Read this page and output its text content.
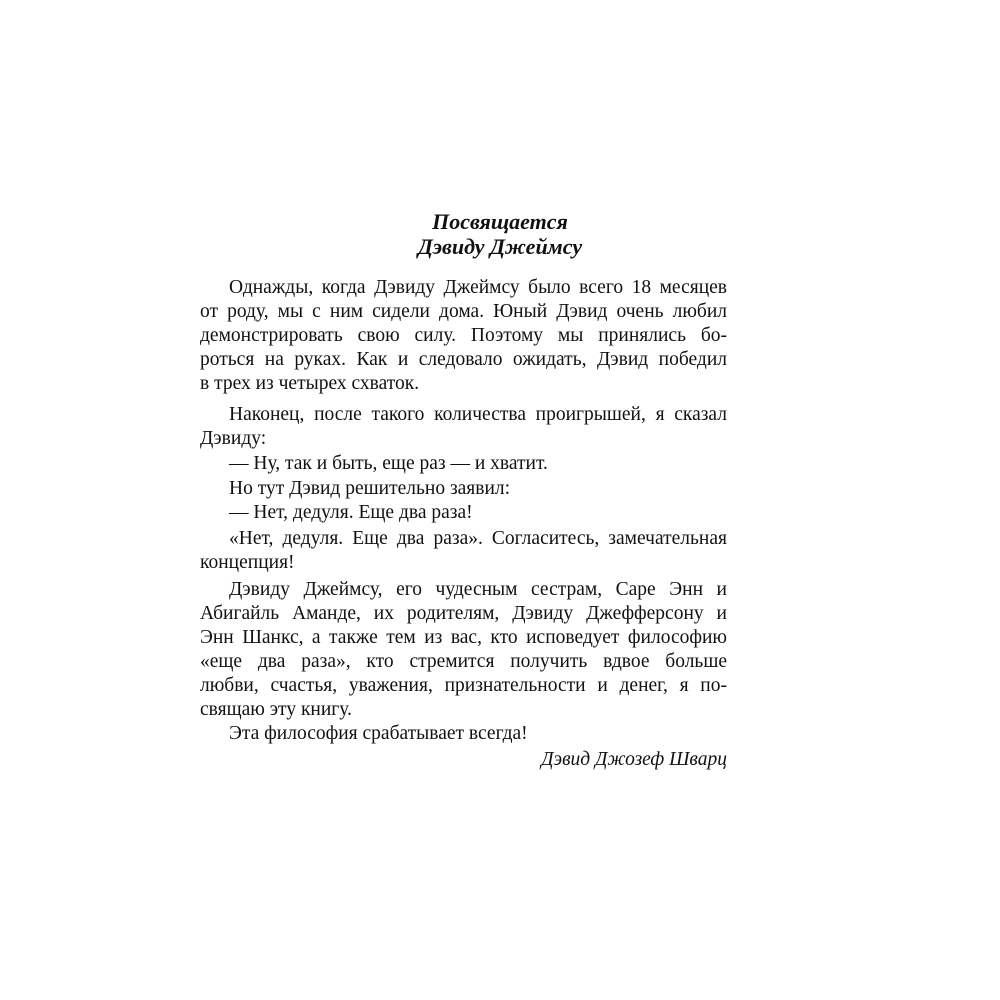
Посвящается

Дэвиду Джеймсу

Однажды, когда Дэвиду Джеймсу было всего 18 месяцев

от роду, мы с ним сидели дома. Юный Дэвид очень любил

демонстрировать свою силу. Поэтому мы принялись бо-

роться на руках. Как и следовало ожидать, Дэвид победил

в трех из четырех схваток.

Наконец, после такого количества проигрышей, я сказал

Дэвиду:

— Ну, так и быть, еще раз — и хватит.

Но тут Дэвид решительно заявил:

— Нет, дедуля. Еще два раза!

«Нет, дедуля. Еще два раза». Согласитесь, замечательная

концепция!

Дэвиду Джеймсу, его чудесным сестрам, Саре Энн и

Абигайль Аманде, их родителям, Дэвиду Джефферсону и

Энн Шанкс, а также тем из вас, кто исповедует философию

«еще два раза», кто стремится получить вдвое больше

любви, счастья, уважения, признательности и денег, я по-

свящаю эту книгу.

Эта философия срабатывает всегда!

Дэвид Джозеф Шварц
